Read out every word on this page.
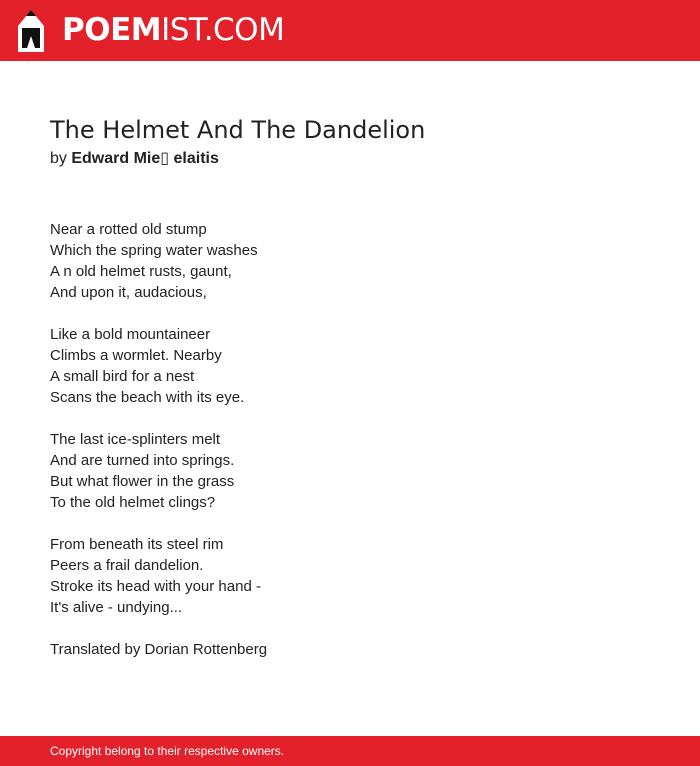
POEMIST.COM
The Helmet And The Dandelion
by Edward Mie▯ elaitis
Near a rotted old stump
Which the spring water washes
A n old helmet rusts, gaunt,
And upon it, audacious,
Like a bold mountaineer
Climbs a wormlet. Nearby
A small bird for a nest
Scans the beach with its eye.
The last ice-splinters melt
And are turned into springs.
But what flower in the grass
To the old helmet clings?
From beneath its steel rim
Peers a frail dandelion.
Stroke its head with your hand -
It's alive - undying...
Translated by Dorian Rottenberg
Copyright belong to their respective owners.
